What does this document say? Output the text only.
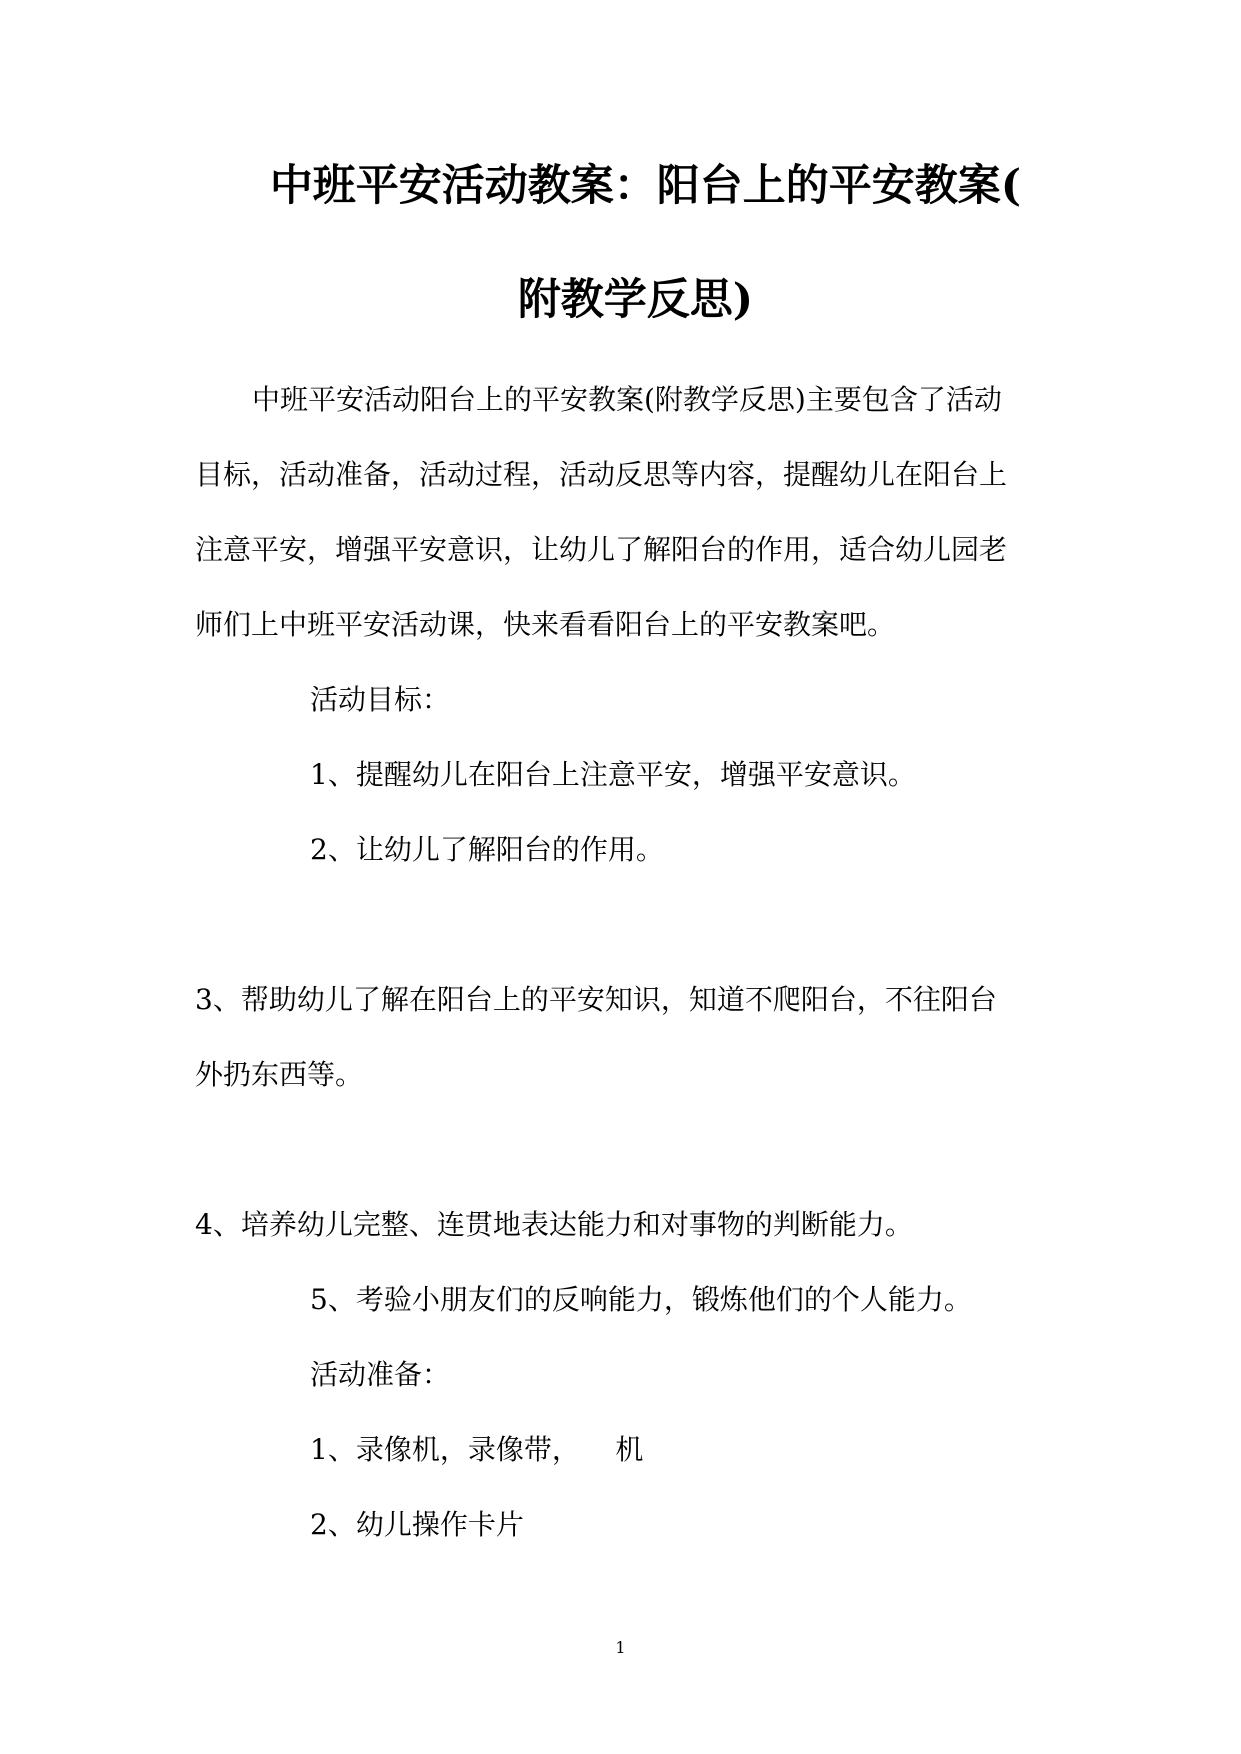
中班平安活动教案：阳台上的平安教案(
附教学反思)
中班平安活动阳台上的平安教案(附教学反思)主要包含了活动
目标，活动准备，活动过程，活动反思等内容，提醒幼儿在阳台上
注意平安，增强平安意识，让幼儿了解阳台的作用，适合幼儿园老
师们上中班平安活动课，快来看看阳台上的平安教案吧。
活动目标：
1、提醒幼儿在阳台上注意平安，增强平安意识。
2、让幼儿了解阳台的作用。
3、帮助幼儿了解在阳台上的平安知识，知道不爬阳台，不往阳台
外扔东西等。
4、培养幼儿完整、连贯地表达能力和对事物的判断能力。
5、考验小朋友们的反响能力，锻炼他们的个人能力。
活动准备：
1、录像机，录像带，    机
2、幼儿操作卡片
1
